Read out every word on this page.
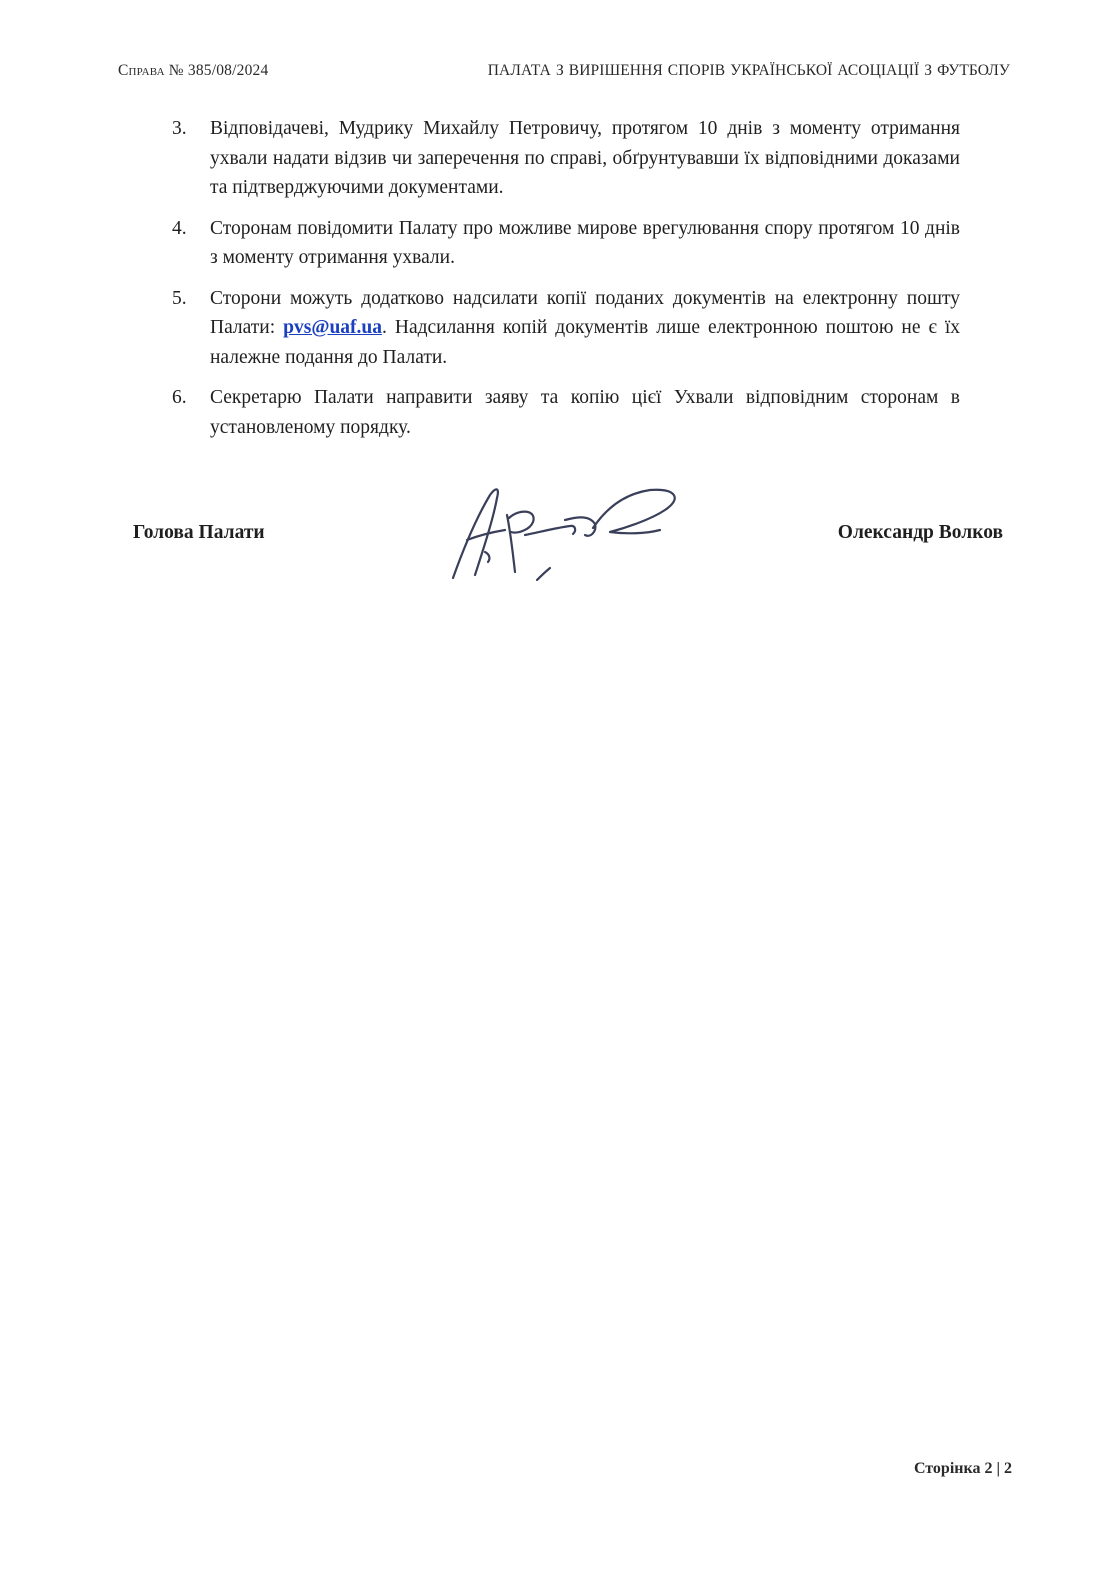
Справа № 385/08/2024	ПАЛАТА З ВИРІШЕННЯ СПОРІВ УКРАЇНСЬКОЇ АСОЦІАЦІЇ З ФУТБОЛУ
3.	Відповідачеві, Мудрику Михайлу Петровичу, протягом 10 днів з моменту отримання ухвали надати відзив чи заперечення по справі, обґрунтувавши їх відповідними доказами та підтверджуючими документами.
4.	Сторонам повідомити Палату про можливе мирове врегулювання спору протягом 10 днів з моменту отримання ухвали.
5.	Сторони можуть додатково надсилати копії поданих документів на електронну пошту Палати: pvs@uaf.ua. Надсилання копій документів лише електронною поштою не є їх належне подання до Палати.
6.	Секретарю Палати направити заяву та копію цієї Ухвали відповідним сторонам в установленому порядку.
Голова Палати	Олександр Волков
Сторінка 2 | 2
